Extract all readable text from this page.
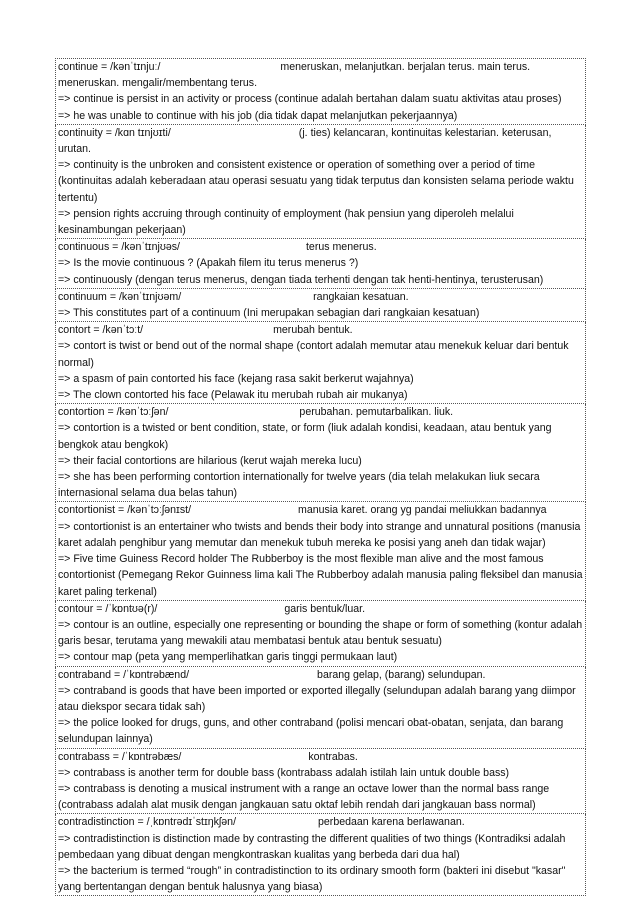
continue = /kənˈtɪnjuː/	meneruskan, melanjutkan. berjalan terus. main terus. meneruskan. mengalir/membentang terus.
=> continue is persist in an activity or process (continue adalah bertahan dalam suatu aktivitas atau proses)
=> he was unable to continue with his job (dia tidak dapat melanjutkan pekerjaannya)
continuity = /kɑn tɪnjʊɪti/	(j. ties) kelancaran, kontinuitas kelestarian. keterusan, urutan.
=> continuity is the unbroken and consistent existence or operation of something over a period of time (kontinuitas adalah keberadaan atau operasi sesuatu yang tidak terputus dan konsisten selama periode waktu tertentu)
=> pension rights accruing through continuity of employment (hak pensiun yang diperoleh melalui kesinambungan pekerjaan)
continuous = /kənˈtɪnjʊəs/	terus menerus.
=> Is the movie continuous ? (Apakah filem itu terus menerus ?)
=> continuously (dengan terus menerus, dengan tiada terhenti dengan tak henti-hentinya, terusterusan)
continuum = /kənˈtɪnjʊəm/	rangkaian kesatuan.
=> This constitutes part of a continuum (Ini merupakan sebagian dari rangkaian kesatuan)
contort = /kənˈtɔːt/	merubah bentuk.
=> contort is twist or bend out of the normal shape (contort adalah memutar atau menekuk keluar dari bentuk normal)
=> a spasm of pain contorted his face (kejang rasa sakit berkerut wajahnya)
=> The clown contorted his face (Pelawak itu merubah rubah air mukanya)
contortion = /kənˈtɔːʃən/	perubahan. pemutarbalikan. liuk.
=> contortion is a twisted or bent condition, state, or form (liuk adalah kondisi, keadaan, atau bentuk yang bengkok atau bengkok)
=> their facial contortions are hilarious (kerut wajah mereka lucu)
=> she has been performing contortion internationally for twelve years (dia telah melakukan liuk secara internasional selama dua belas tahun)
contortionist = /kənˈtɔːʃənɪst/	manusia karet. orang yg pandai meliukkan badannya
=> contortionist is an entertainer who twists and bends their body into strange and unnatural positions (manusia karet adalah penghibur yang memutar dan menekuk tubuh mereka ke posisi yang aneh dan tidak wajar)
=> Five time Guiness Record holder The Rubberboy is the most flexible man alive and the most famous contortionist (Pemegang Rekor Guinness lima kali The Rubberboy adalah manusia paling fleksibel dan manusia karet paling terkenal)
contour = /ˈkɒntʊə(r)/	garis bentuk/luar.
=> contour is an outline, especially one representing or bounding the shape or form of something (kontur adalah garis besar, terutama yang mewakili atau membatasi bentuk atau bentuk sesuatu)
=> contour map (peta yang memperlihatkan garis tinggi permukaan laut)
contraband = /ˈkɒntrəbænd/	barang gelap, (barang) selundupan.
=> contraband is goods that have been imported or exported illegally (selundupan adalah barang yang diimpor atau diekspor secara tidak sah)
=> the police looked for drugs, guns, and other contraband (polisi mencari obat-obatan, senjata, dan barang selundupan lainnya)
contrabass = /ˈkɒntrəbæs/	kontrabas.
=> contrabass is another term for double bass (kontrabass adalah istilah lain untuk double bass)
=> contrabass is denoting a musical instrument with a range an octave lower than the normal bass range (contrabass adalah alat musik dengan jangkauan satu oktaf lebih rendah dari jangkauan bass normal)
contradistinction = /ˌkɒntrədɪˈstɪŋkʃən/	perbedaan karena berlawanan.
=> contradistinction is distinction made by contrasting the different qualities of two things (Kontradiksi adalah pembedaan yang dibuat dengan mengkontraskan kualitas yang berbeda dari dua hal)
=> the bacterium is termed “rough” in contradistinction to its ordinary smooth form (bakteri ini disebut "kasar" yang bertentangan dengan bentuk halusnya yang biasa)
